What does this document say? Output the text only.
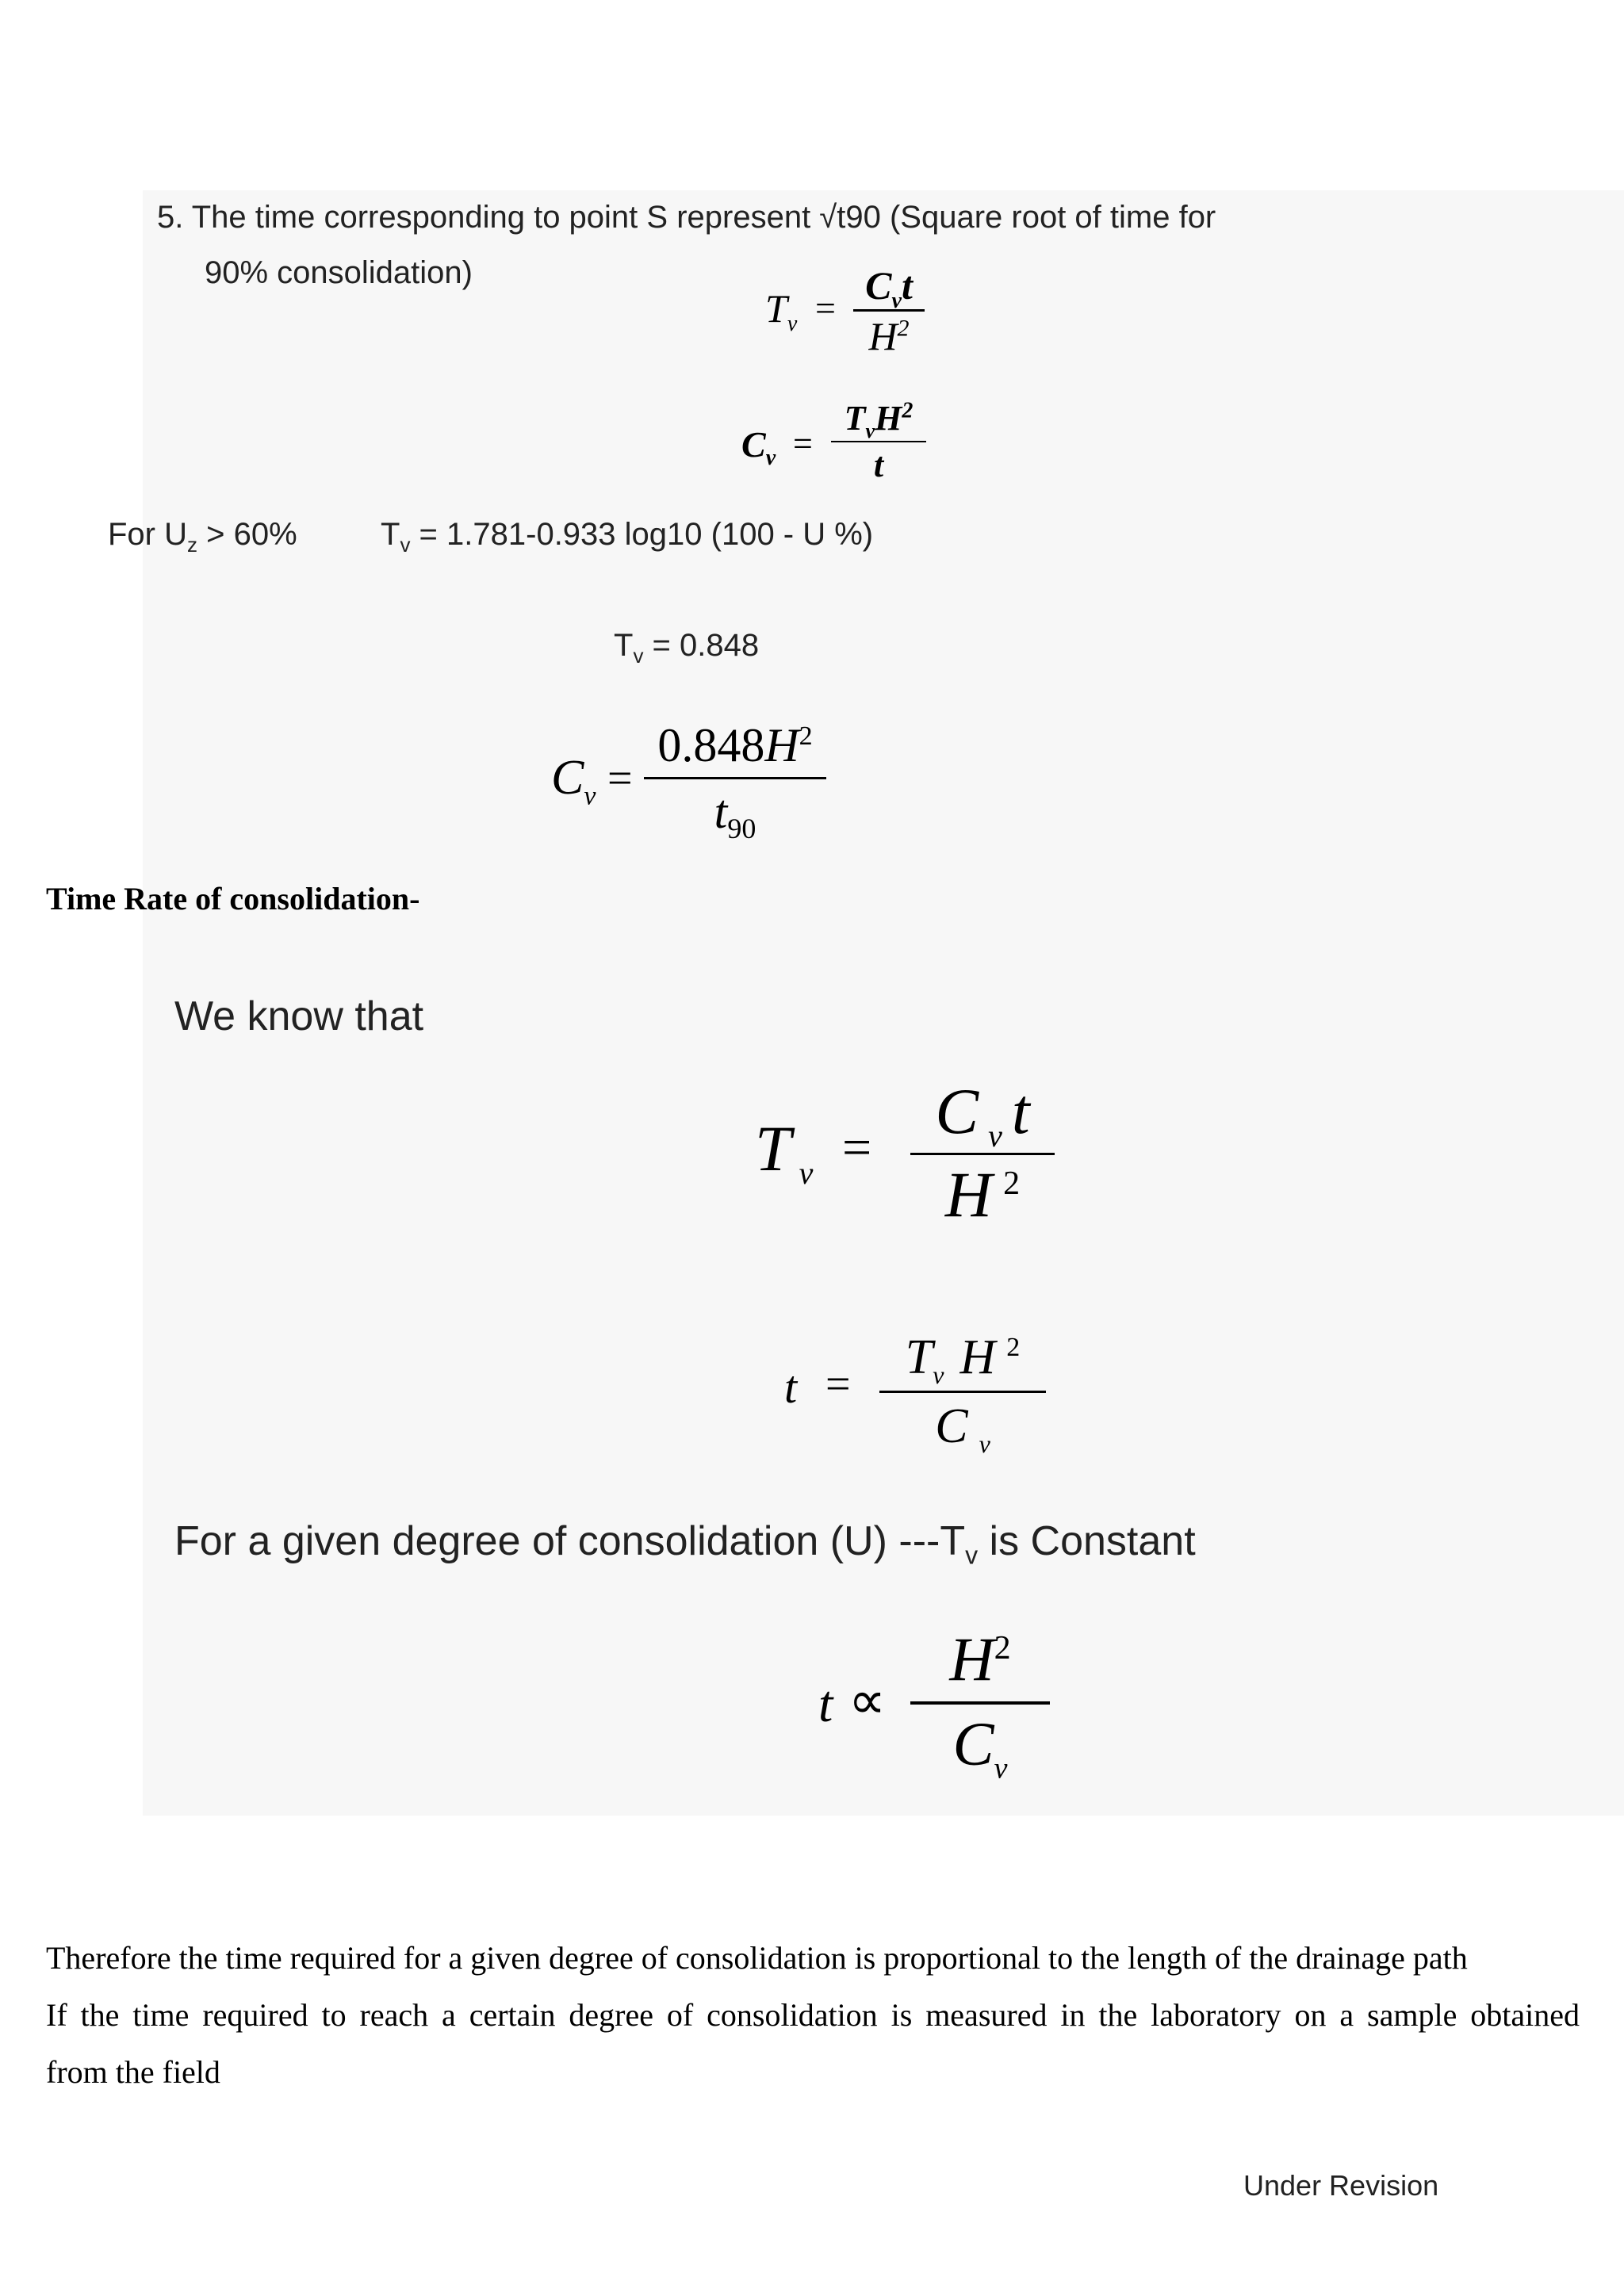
5. The time corresponding to point S represent √t90 (Square root of time for
90% consolidation)
$T_v$ =
$C_vt$
$H^2$
$C_v$ =
$T_vH^2$
t
For $U_z > 60\%$	$T_v = 1.781-0.933$ log10 (100 - U %)
$T_v = 0.848$
$C_v$ =
$0.848H^2$
$t_{90}$
Time Rate of consolidation-
We know that
T $_v$ =
C $_v$ t
H $^2$
$t = T_v$ H $^2$
C $_v$
For a given degree of consolidation (U) $---T_v$ is Constant
t ∝
$H^2$
$C_v$
Therefore the time required for a given degree of consolidation is proportional to the length of the drainage path
If the time required to reach a certain degree of consolidation is measured in the laboratory on a sample obtained
from the field
Under Revision
